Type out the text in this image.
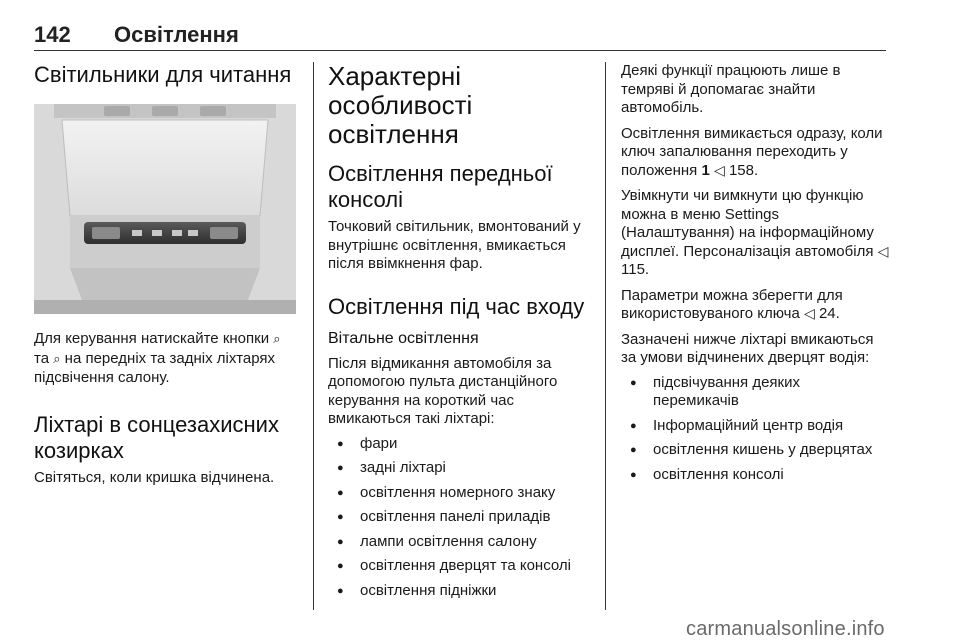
142 Освітлення
Світильники для читання

Для керування натискайте кнопки ⌕ та ⌕ на передніх та задніх ліхтарях підсвічення салону.

Ліхтарі в сонцезахисних козирках

Світяться, коли кришка відчинена.

Характерні особливості освітлення
Освітлення передньої консолі

Точковий світильник, вмонтований у внутрішнє освітлення, вмикається після ввімкнення фар.

Освітлення під час входу
Вітальне освітлення

Після відмикання автомобіля за допомогою пульта дистанційного керування на короткий час вмикаються такі ліхтарі:

● фари
● задні ліхтарі
● освітлення номерного знаку
● освітлення панелі приладів
● лампи освітлення салону
● освітлення дверцят та консолі
● освітлення підніжки

Деякі функції працюють лише в темряві й допомагає знайти автомобіль.

Освітлення вимикається одразу, коли ключ запалювання переходить у положення 1 ◁ 158.

Увімкнути чи вимкнути цю функцію можна в меню Settings (Налаштування) на інформаційному дисплеї. Персоналізація автомобіля ◁ 115.

Параметри можна зберегти для використовуваного ключа ◁ 24.

Зазначені нижче ліхтарі вмикаються за умови відчинених дверцят водія:

● підсвічування деяких перемикачів
● Інформаційний центр водія
● освітлення кишень у дверцятах
● освітлення консолі
carmanualsonline.info
